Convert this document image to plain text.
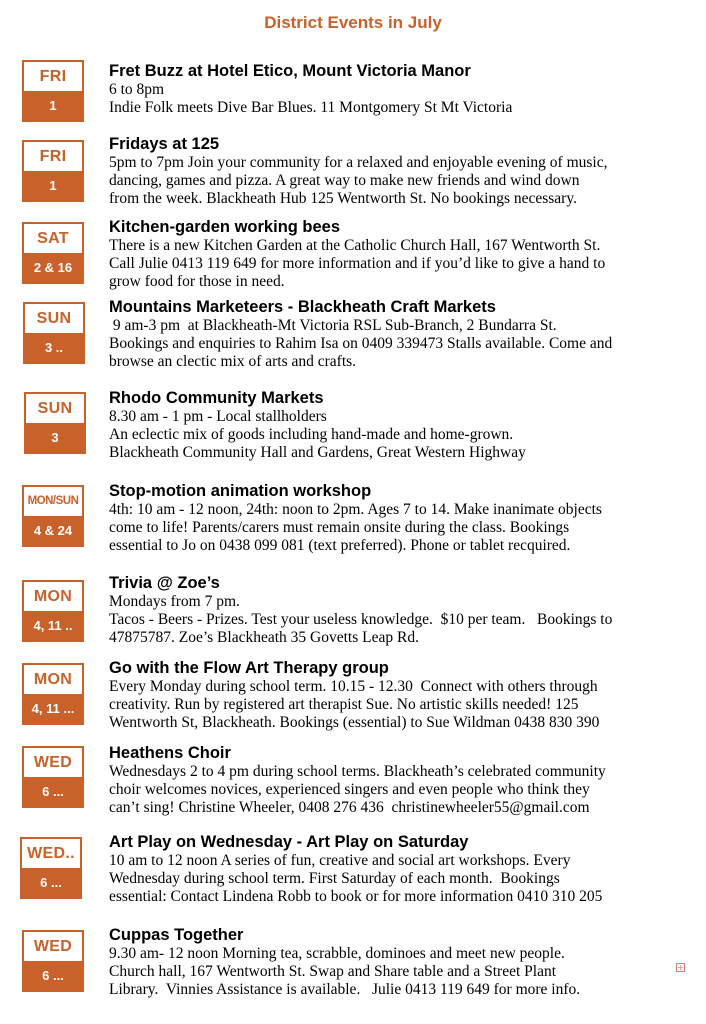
District Events in July
FRI
1
Fret Buzz at Hotel Etico, Mount Victoria Manor
6 to 8pm
Indie Folk meets Dive Bar Blues. 11 Montgomery St Mt Victoria
FRI
1
Fridays at 125
5pm to 7pm Join your community for a relaxed and enjoyable evening of music,
dancing, games and pizza. A great way to make new friends and wind down
from the week. Blackheath Hub 125 Wentworth St. No bookings necessary.
SAT
2 & 16
Kitchen-garden working bees
There is a new Kitchen Garden at the Catholic Church Hall, 167 Wentworth St.
Call Julie 0413 119 649 for more information and if you’d like to give a hand to
grow food for those in need.
SUN
3 ..
Mountains Marketeers - Blackheath Craft Markets
9 am-3 pm  at Blackheath-Mt Victoria RSL Sub-Branch, 2 Bundarra St.
Bookings and enquiries to Rahim Isa on 0409 339473 Stalls available. Come and
browse an clectic mix of arts and crafts.
SUN
3
Rhodo Community Markets
8.30 am - 1 pm - Local stallholders
An eclectic mix of goods including hand-made and home-grown.
Blackheath Community Hall and Gardens, Great Western Highway
MON/SUN
4 & 24
Stop-motion animation workshop
4th: 10 am - 12 noon, 24th: noon to 2pm. Ages 7 to 14. Make inanimate objects
come to life! Parents/carers must remain onsite during the class. Bookings
essential to Jo on 0438 099 081 (text preferred). Phone or tablet recquired.
MON
4, 11 ..
Trivia @ Zoe’s
Mondays from 7 pm.
Tacos - Beers - Prizes. Test your useless knowledge.  $10 per team.   Bookings to
47875787. Zoe’s Blackheath 35 Govetts Leap Rd.
MON
4, 11 ...
Go with the Flow Art Therapy group
Every Monday during school term. 10.15 - 12.30  Connect with others through
creativity. Run by registered art therapist Sue. No artistic skills needed! 125
Wentworth St, Blackheath. Bookings (essential) to Sue Wildman 0438 830 390
WED
6 ...
Heathens Choir
Wednesdays 2 to 4 pm during school terms. Blackheath’s celebrated community
choir welcomes novices, experienced singers and even people who think they
can’t sing! Christine Wheeler, 0408 276 436  christinewheeler55@gmail.com
WED..
6 ...
Art Play on Wednesday - Art Play on Saturday
10 am to 12 noon A series of fun, creative and social art workshops. Every
Wednesday during school term. First Saturday of each month.  Bookings
essential: Contact Lindena Robb to book or for more information 0410 310 205
WED
6 ...
Cuppas Together
9.30 am- 12 noon Morning tea, scrabble, dominoes and meet new people.
Church hall, 167 Wentworth St. Swap and Share table and a Street Plant
Library.  Vinnies Assistance is available.   Julie 0413 119 649 for more info.
+
